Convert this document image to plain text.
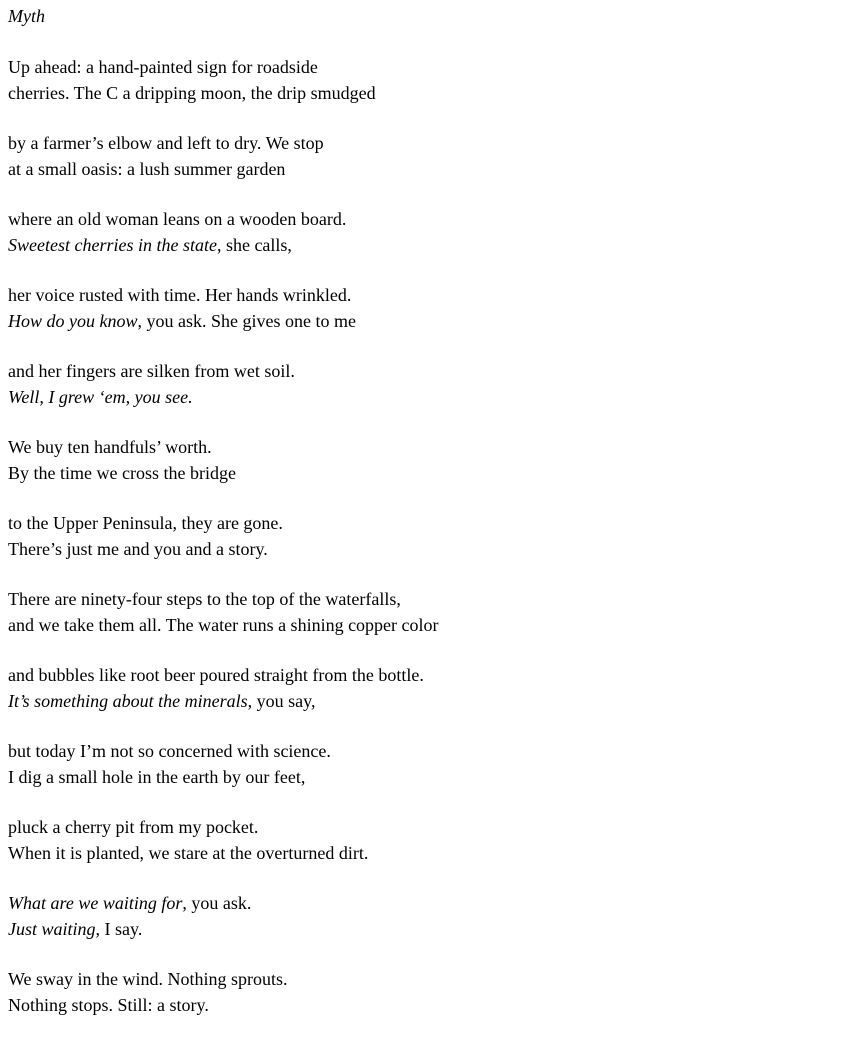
Myth
Up ahead: a hand-painted sign for roadside
cherries. The C a dripping moon, the drip smudged
by a farmer’s elbow and left to dry. We stop
at a small oasis: a lush summer garden
where an old woman leans on a wooden board.
Sweetest cherries in the state, she calls,
her voice rusted with time. Her hands wrinkled.
How do you know, you ask. She gives one to me
and her fingers are silken from wet soil.
Well, I grew ‘em, you see.
We buy ten handfuls’ worth.
By the time we cross the bridge
to the Upper Peninsula, they are gone.
There’s just me and you and a story.
There are ninety-four steps to the top of the waterfalls,
and we take them all. The water runs a shining copper color
and bubbles like root beer poured straight from the bottle.
It’s something about the minerals, you say,
but today I’m not so concerned with science.
I dig a small hole in the earth by our feet,
pluck a cherry pit from my pocket.
When it is planted, we stare at the overturned dirt.
What are we waiting for, you ask.
Just waiting, I say.
We sway in the wind. Nothing sprouts.
Nothing stops. Still: a story.
